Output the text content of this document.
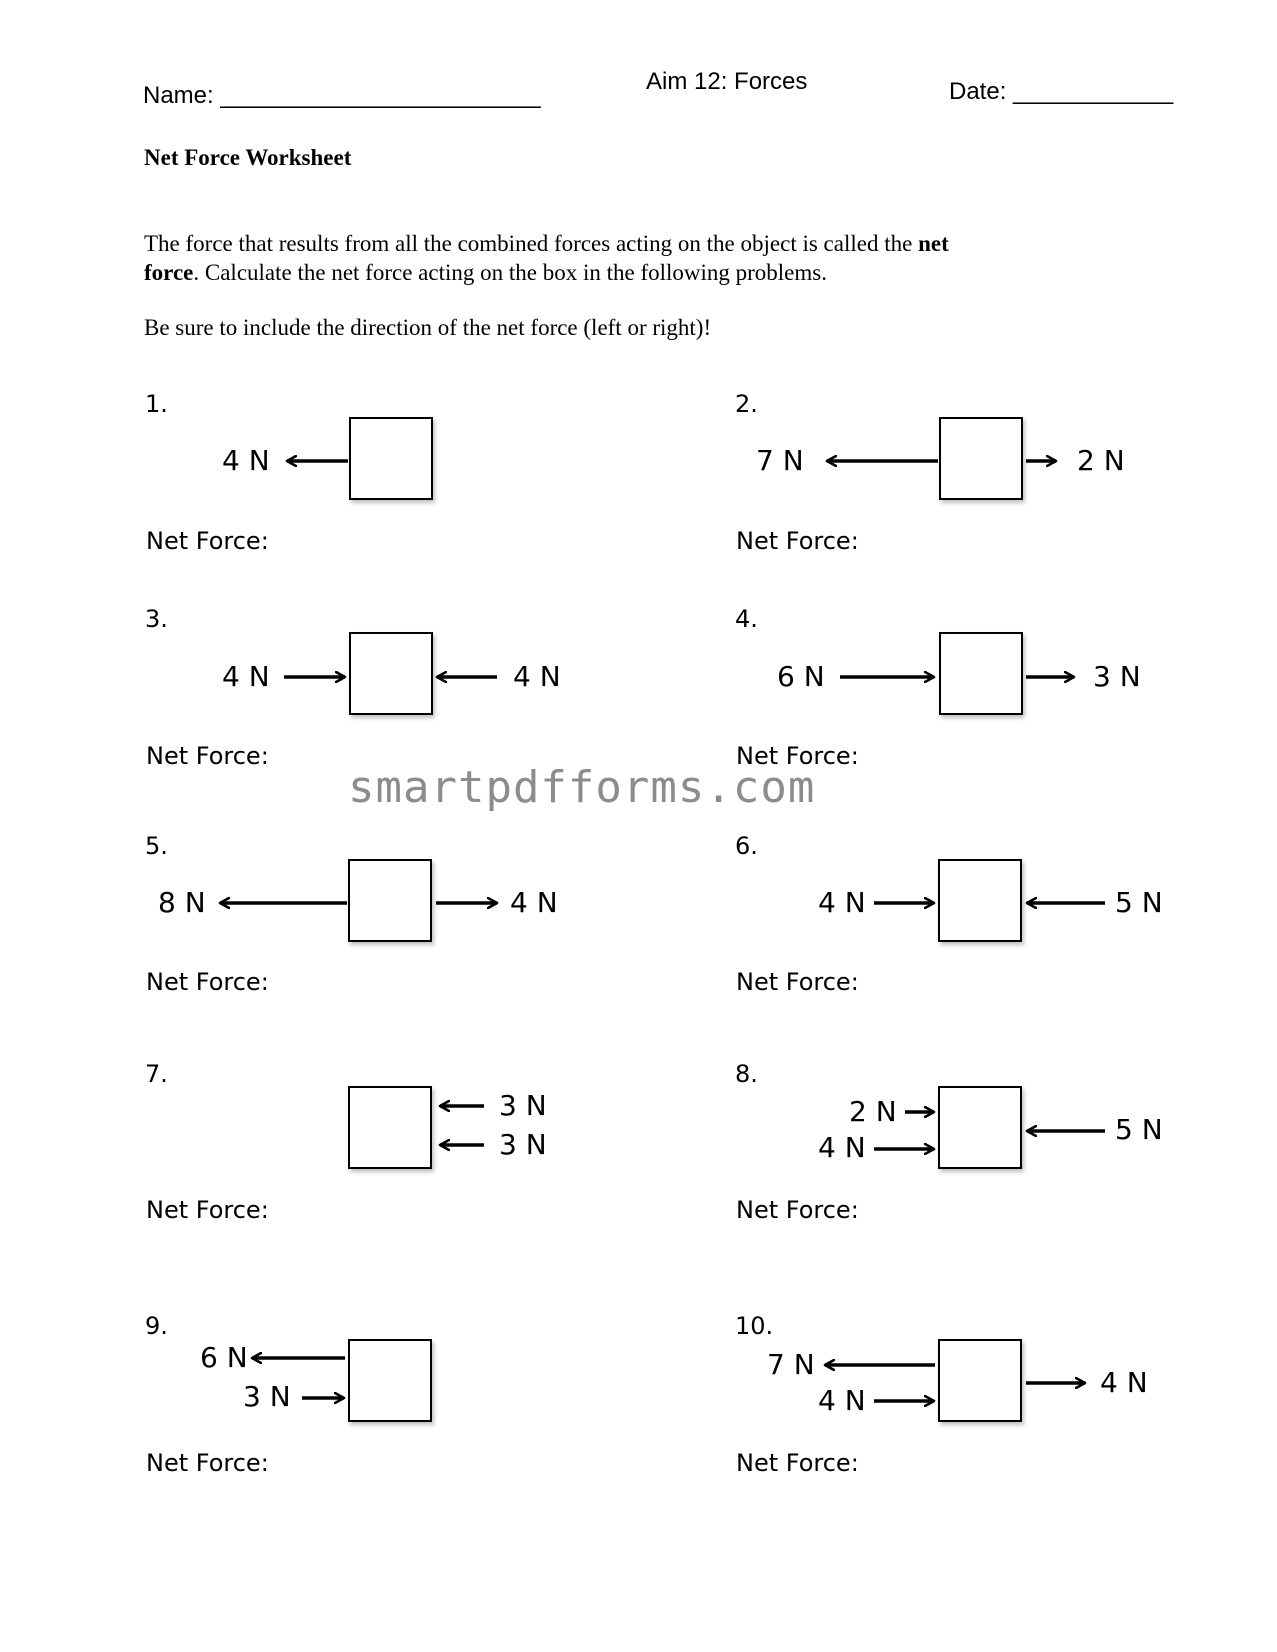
Name: ________________________
Aim 12: Forces	Date: ____________
Net Force Worksheet
The force that results from all the combined forces acting on the object is called the net
force. Calculate the net force acting on the box in the following problems.
Be sure to include the direction of the net force (left or right)!
smartpdfforms.com
1.	2.
3.	4.
5.	6.
7.	8.
9.	10.
Net Force:	Net Force:
Net Force:	Net Force:
Net Force:	Net Force:
Net Force:	Net Force:
Net Force:	Net Force:
4 N	7 N	2 N
4 N	4 N	6 N	3 N
8 N	4 N	4 N	5 N
3 N
3 N
2 N
4 N
5 N
6 N
3 N
7 N
4 N
4 N
